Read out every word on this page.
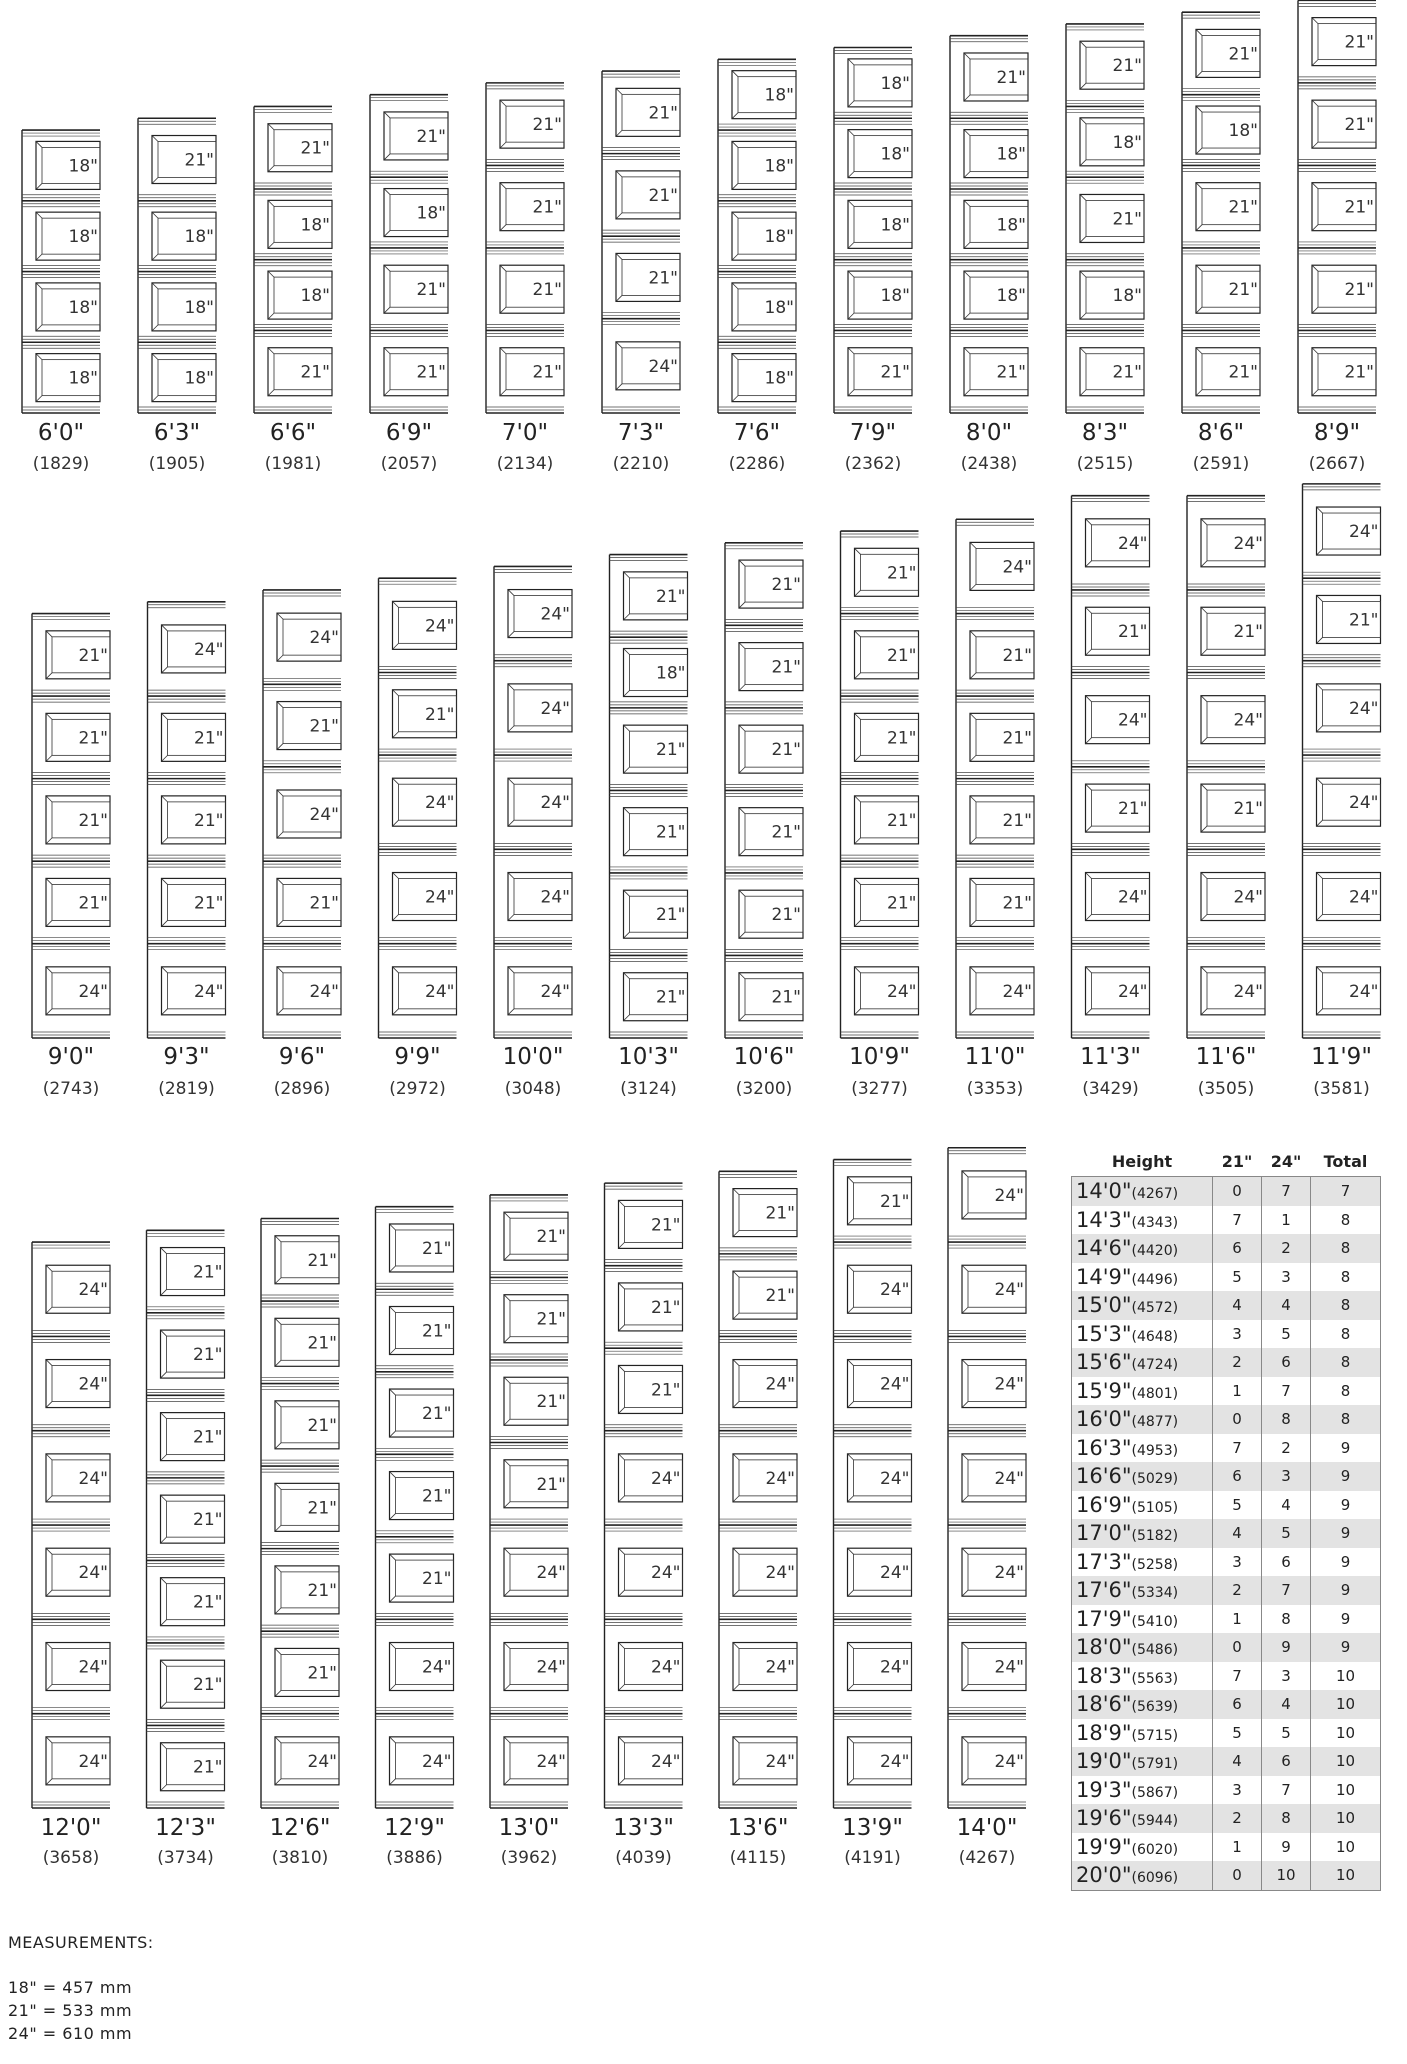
18"
18"
18"
18"
6'0"
(1829)
21"
18"
18"
18"
6'3"
(1905)
21"
18"
18"
21"
6'6"
(1981)
21"
18"
21"
21"
6'9"
(2057)
21"
21"
21"
21"
7'0"
(2134)
21"
21"
21"
24"
7'3"
(2210)
18"
18"
18"
18"
18"
7'6"
(2286)
18"
18"
18"
18"
21"
7'9"
(2362)
21"
18"
18"
18"
21"
8'0"
(2438)
21"
18"
21"
18"
21"
8'3"
(2515)
21"
18"
21"
21"
21"
8'6"
(2591)
21"
21"
21"
21"
21"
8'9"
(2667)
21"
21"
21"
21"
24"
9'0"
(2743)
24"
21"
21"
21"
24"
9'3"
(2819)
24"
21"
24"
21"
24"
9'6"
(2896)
24"
21"
24"
24"
24"
9'9"
(2972)
24"
24"
24"
24"
24"
10'0"
(3048)
21"
18"
21"
21"
21"
21"
10'3"
(3124)
21"
21"
21"
21"
21"
21"
10'6"
(3200)
21"
21"
21"
21"
21"
24"
10'9"
(3277)
24"
21"
21"
21"
21"
24"
11'0"
(3353)
24"
21"
24"
21"
24"
24"
11'3"
(3429)
24"
21"
24"
21"
24"
24"
11'6"
(3505)
24"
21"
24"
24"
24"
24"
11'9"
(3581)
24"
24"
24"
24"
24"
24"
12'0"
(3658)
21"
21"
21"
21"
21"
21"
21"
12'3"
(3734)
21"
21"
21"
21"
21"
21"
24"
12'6"
(3810)
21"
21"
21"
21"
21"
24"
24"
12'9"
(3886)
21"
21"
21"
21"
24"
24"
24"
13'0"
(3962)
21"
21"
21"
24"
24"
24"
24"
13'3"
(4039)
21"
21"
24"
24"
24"
24"
24"
13'6"
(4115)
21"
24"
24"
24"
24"
24"
24"
13'9"
(4191)
24"
24"
24"
24"
24"
24"
24"
14'0"
(4267)
Height	21"	24"	Total
14'0"(4267)	0	7	7
14'3"(4343)	7	1	8
14'6"(4420)	6	2	8
14'9"(4496)	5	3	8
15'0"(4572)	4	4	8
15'3"(4648)	3	5	8
15'6"(4724)	2	6	8
15'9"(4801)	1	7	8
16'0"(4877)	0	8	8
16'3"(4953)	7	2	9
16'6"(5029)	6	3	9
16'9"(5105)	5	4	9
17'0"(5182)	4	5	9
17'3"(5258)	3	6	9
17'6"(5334)	2	7	9
17'9"(5410)	1	8	9
18'0"(5486)	0	9	9
18'3"(5563)	7	3	10
18'6"(5639)	6	4	10
18'9"(5715)	5	5	10
19'0"(5791)	4	6	10
19'3"(5867)	3	7	10
19'6"(5944)	2	8	10
19'9"(6020)	1	9	10
20'0"(6096)	0	10	10
MEASUREMENTS:
18" = 457 mm
21" = 533 mm
24" = 610 mm
